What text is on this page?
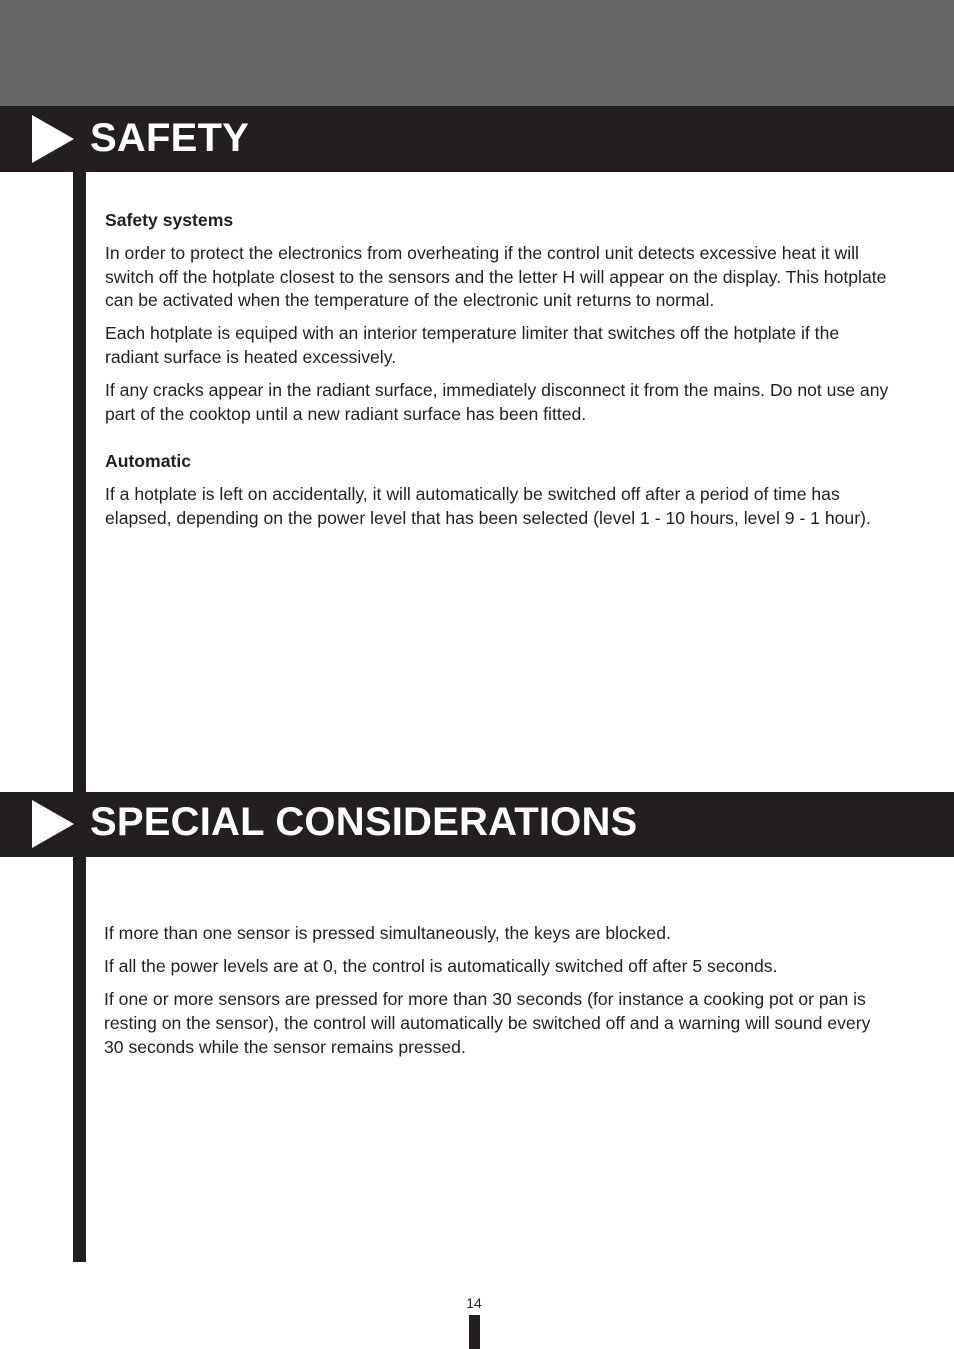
SAFETY
Safety systems

In order to protect the electronics from overheating if the control unit detects excessive heat it will switch off the hotplate closest to the sensors and the letter H will appear on the display. This hotplate can be activated when the temperature of the electronic unit returns to normal.

Each hotplate is equiped with an interior temperature limiter that switches off the hotplate if the radiant surface is heated excessively.

If any cracks appear in the radiant surface, immediately disconnect it from the mains. Do not use any part of the cooktop until a new radiant surface has been fitted.

Automatic

If a hotplate is left on accidentally, it will automatically be switched off after a period of time has elapsed, depending on the power level that has been selected (level 1 - 10 hours, level 9 - 1 hour).

SPECIAL CONSIDERATIONS

If more than one sensor is pressed simultaneously, the keys are blocked.

If all the power levels are at 0, the control is automatically switched off after 5 seconds.

If one or more sensors are pressed for more than 30 seconds (for instance a cooking pot or pan is resting on the sensor), the control will automatically be switched off and a warning will sound every 30 seconds while the sensor remains pressed.

14
